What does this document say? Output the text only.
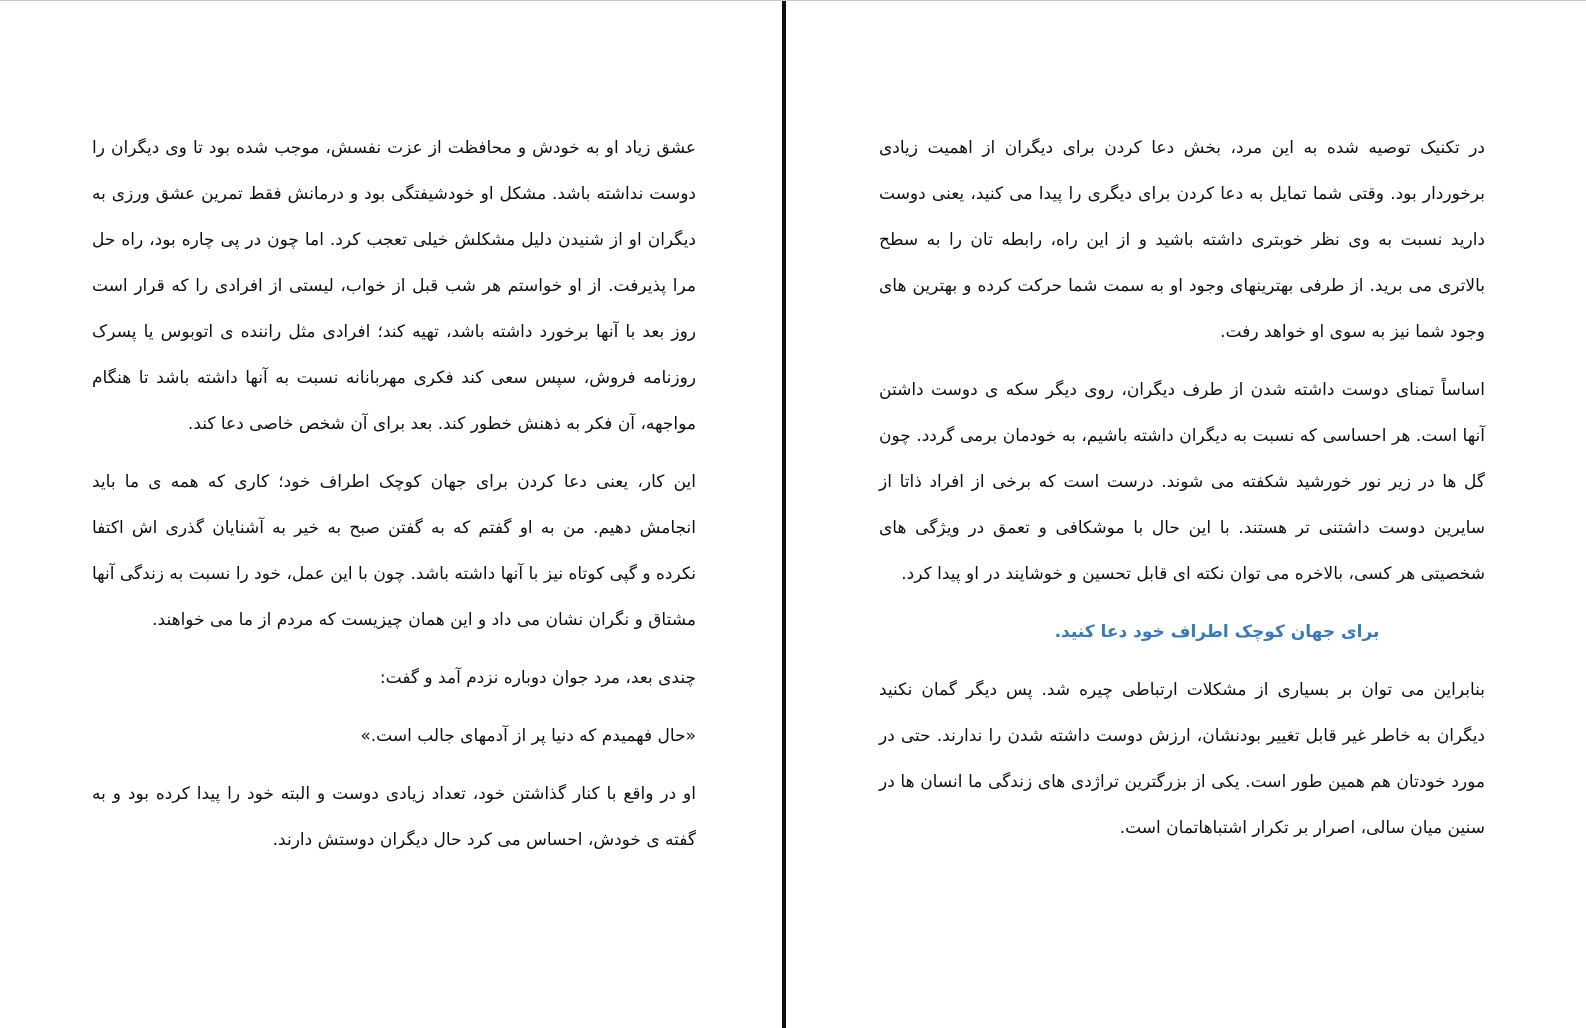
عشق زیاد او به خودش و محافظت از عزت نفسش، موجب شده بود تا وی دیگران را دوست نداشته باشد. مشکل او خودشیفتگی بود و درمانش فقط تمرین عشق ورزی به دیگران او از شنیدن دلیل مشکلش خیلی تعجب کرد. اما چون در پی چاره بود، راه حل مرا پذیرفت. از او خواستم هر شب قبل از خواب، لیستی از افرادی را که قرار است روز بعد با آنها برخورد داشته باشد، تهیه کند؛ افرادی مثل راننده ی اتوبوس یا پسرک روزنامه فروش، سپس سعی کند فکری مهربانانه نسبت به آنها داشته باشد تا هنگام مواجهه، آن فکر به ذهنش خطور کند. بعد برای آن شخص خاصی دعا کند.

این کار، یعنی دعا کردن برای جهان کوچک اطراف خود؛ کاری که همه ی ما باید انجامش دهیم. من به او گفتم که به گفتن صبح به خیر به آشنایان گذری اش اکتفا نکرده و گپی کوتاه نیز با آنها داشته باشد. چون با این عمل، خود را نسبت به زندگی آنها مشتاق و نگران نشان می داد و این همان چیزیست که مردم از ما می خواهند.

چندی بعد، مرد جوان دوباره نزدم آمد و گفت:

«حال فهمیدم که دنیا پر از آدمهای جالب است.»

او در واقع با کنار گذاشتن خود، تعداد زیادی دوست و البته خود را پیدا کرده بود و به گفته ی خودش، احساس می کرد حال دیگران دوستش دارند.

در تکنیک توصیه شده به این مرد، بخش دعا کردن برای دیگران از اهمیت زیادی برخوردار بود. وقتی شما تمایل به دعا کردن برای دیگری را پیدا می کنید، یعنی دوست دارید نسبت به وی نظر خوبتری داشته باشید و از این راه، رابطه تان را به سطح بالاتری می برید. از طرفی بهترینهای وجود او به سمت شما حرکت کرده و بهترین های وجود شما نیز به سوی او خواهد رفت.

اساساً تمنای دوست داشته شدن از طرف دیگران، روی دیگر سکه ی دوست داشتن آنها است. هر احساسی که نسبت به دیگران داشته باشیم، به خودمان برمی گردد. چون گل ها در زیر نور خورشید شکفته می شوند. درست است که برخی از افراد ذاتا از سایرین دوست داشتنی تر هستند. با این حال با موشکافی و تعمق در ویژگی های شخصیتی هر کسی، بالاخره می توان نکته ای قابل تحسین و خوشایند در او پیدا کرد.

برای جهان کوچک اطراف خود دعا کنید.

بنابراین می توان بر بسیاری از مشکلات ارتباطی چیره شد. پس دیگر گمان نکنید دیگران به خاطر غیر قابل تغییر بودنشان، ارزش دوست داشته شدن را ندارند. حتی در مورد خودتان هم همین طور است. یکی از بزرگترین تراژدی های زندگی ما انسان ها در سنین میان سالی، اصرار بر تکرار اشتباهاتمان است.
